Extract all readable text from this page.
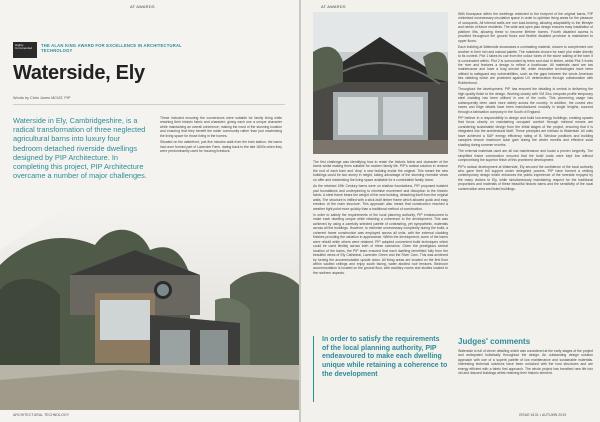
AT AWARDS
Highly Commended
THE ALAN KING AWARD FOR EXCELLENCE IN ARCHITECTURAL TECHNOLOGY
Waterside, Ely
Words by Chris Jones MCIAT, PIP
Waterside in Ely, Cambridgeshire, is a radical transformation of three neglected agricultural barns into luxury four bedroom detached riverside dwellings designed by PIP Architecture. In completing this project, PIP Architecture overcame a number of major challenges.

These included ensuring the conversions were suitable for family living while retaining their historic fabric and character; giving each one a unique character while maintaining an overall coherence; making the most of the stunning location and ensuring that they benefit the wider community rather than just maximising the living space for those living in the homes.

Situated on the waterfront, just five minutes walk from the train station, the barns had once formed part of Lavender Farm, dating back to the late 1800s when they were predominantly used for housing livestock.

ARCHITECTURAL TECHNOLOGY
AT AWARDS

The first challenge was identifying how to retain the historic fabric and character of the barns whilst making them suitable for modern family life. PIP's radical solution to remove the roof of each barn and 'drop' a new building inside the original. This meant the new buildings could be two storey in height, taking advantage of the stunning riverside views on offer and maximising the living space available for a comfortable family home.

As the retained 19th Century barns were on shallow foundations, PIP proposed isolated pad foundations and underpinning to minimise movement and disruption to the historic fabric. A steel frame bears the weight of the new building, detaching itself from the original walls. The structure is infilled with a stick-built timber frame which allowed quick and easy erection of the main structure. This approach also meant that construction reached a weather tight point more quickly than a traditional method of construction.

In order to satisfy the requirements of the local planning authority, PIP endeavoured to make each dwelling unique while retaining a coherence to the development. This was achieved by using a carefully selected palette of contrasting, yet sympathetic, materials across all the buildings. However, to minimise unnecessary complexity during the build, a coherent frame construction was employed across all units, with the external cladding finishes providing the variation in appearance. Within the development, some of the barns were rebuilt while others were retained. PIP adopted convenient build techniques which could be used flexibly across both of these scenarios. Given the prestigious central location of the barns, the PIP team ensured that each dwelling benefitted fully from the beautiful views of Ely Cathedral, Lavender Green and the River Cam. This was achieved by turning the accommodation upside down. All living areas are located on the first floor within vaulted ceilings and enjoy south facing, water abutted roof terraces. Bedroom accommodation is located on the ground floor, with ancillary rooms and studies located to the northern aspects.

With floorspace within the dwellings restricted to the footprint of the original barns, PIP minimised unnecessary circulation space in order to optimise living areas for the pleasure of occupants. All internal walls are non load-bearing, allowing adaptability to the lifestyle and needs of future residents. The wide and open plan design ensures easy installation of platform lifts, allowing these to become lifetime homes. Fourth disabled access is provided throughout the ground floors and flexible disabled provision is maintained to upper floors.

Each building at Waterside showcases a contrasting material, chosen to complement one another in their rich and natural palette. The materials chosen for each plot relate directly to its context. Plot 1 takes its cue from the colour tones of the stone walling of the barn it is constructed within. Plot 2 is surrounded by trees and clad in timber, whilst Plot 3 fronts the river and features a design to reflect a boathouse. All materials used are low maintenance and have a long service life, while innovative technologies have been utilised to safeguard any vulnerabilities, such as the gaps between the whole American ties cladding which are protected against UV deterioration through collaboration with Rubberbond.

Throughout the development, PIP has ensured the detailing is central in delivering the high quality finish to the design. Working closely with VM Zinc, bespoke profile temporary steel cladding has been utilised in one of the roofs. This pioneering usage has subsequently been used more widely across the country. In addition, the curved zinc eaves and fidge details have been manufactured crucially in single lengths, sourced through a fabrication company in the South of England.

PIP believe in a responsibility to design and build low-energy buildings; creating spaces that focus closely on maintaining occupant comfort through minimal means are considering sustainable design from the initial stages of the project, ensuring that it is integrated into the architectural itself. These principles are intrinsic to Waterside. All units have achieved a SAP energy efficiency rating of B. Window positions and building canopies ensure maximum solar gain during the winter months and effective solar shading during summer months.

The external materials used are all low maintenance and boast a proven longevity. The simplified frame construction ensured that the build costs were kept low without compromising the superior finish of this prominent development.

PIP's radical development at Waterside, Ely secured the confidence of the local authority who gave their full support under delegated powers. PIP have formed a striking contemporary design which enhances the public experience of the riverside enjoyed by the many visitors to Ely, while simultaneously maintaining respect for the traditional proportions and materials of these beautiful historic barns and the sensitivity of the local conservation area and listed buildings.

In order to satisfy the requirements of the local planning authority, PIP endeavoured to make each dwelling unique while retaining a coherence to the development
Judges' comments
Waterside is full of clever detailing which was considered at the early stages of the project and anticipated holistically throughout the design. An outstanding design solution approach with use of a superb palette of low maintenance and sustainable materials. Interesting technical solutions have been unlocked with the host structures and are energy efficient with a fabric first approach. The whole project has breathed new life into old and disused buildings whilst retaining their historic element.
ISSUE #131 • AUTUMN 2019
